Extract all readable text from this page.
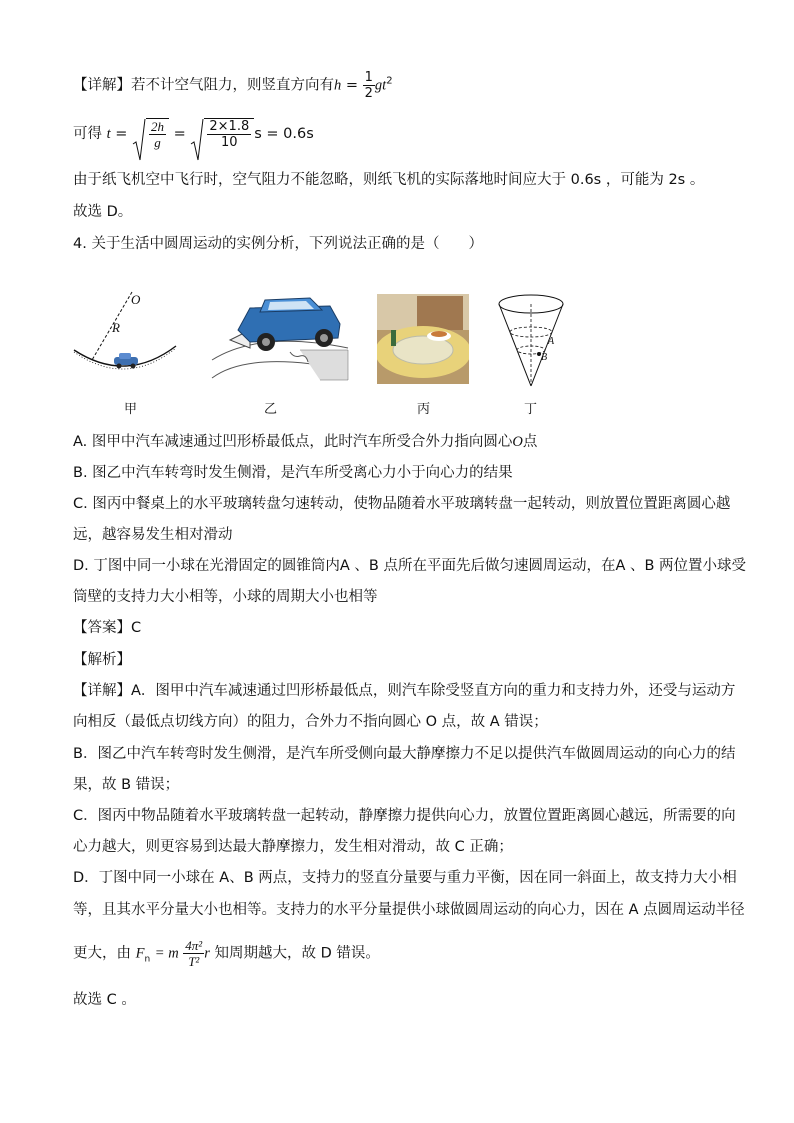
【详解】若不计空气阻力，则竖直方向有$h = \frac{1}{2} gt^2$
可得 $t = \frac{2h}{g} = \frac{2\times 1.8}{10}$ s = 0.6s
由于纸飞机空中飞行时，空气阻力不能忽略，则纸飞机的实际落地时间应大于 0.6s ，可能为 2s 。
故选 D。
4. 关于生活中圆周运动的实例分析，下列说法正确的是（　　）
O
R
甲	乙	丙
A
B
丁
A. 图甲中汽车减速通过凹形桥最低点，此时汽车所受合外力指向圆心O点
B. 图乙中汽车转弯时发生侧滑，是汽车所受离心力小于向心力的结果
C. 图丙中餐桌上的水平玻璃转盘匀速转动，使物品随着水平玻璃转盘一起转动，则放置位置距离圆心越
远，越容易发生相对滑动
D. 丁图中同一小球在光滑固定的圆锥筒内A 、B 点所在平面先后做匀速圆周运动，在A 、B 两位置小球受
筒壁的支持力大小相等，小球的周期大小也相等
【答案】C
【解析】
【详解】A．图甲中汽车减速通过凹形桥最低点，则汽车除受竖直方向的重力和支持力外，还受与运动方
向相反（最低点切线方向）的阻力，合外力不指向圆心 O 点，故 A 错误；
B．图乙中汽车转弯时发生侧滑，是汽车所受侧向最大静摩擦力不足以提供汽车做圆周运动的向心力的结
果，故 B 错误；
C．图丙中物品随着水平玻璃转盘一起转动，静摩擦力提供向心力，放置位置距离圆心越远，所需要的向
心力越大，则更容易到达最大静摩擦力，发生相对滑动，故 C 正确；
D．丁图中同一小球在 A、B 两点，支持力的竖直分量要与重力平衡，因在同一斜面上，故支持力大小相
等，且其水平分量大小也相等。支持力的水平分量提供小球做圆周运动的向心力，因在 A 点圆周运动半径
更大，由 $F_n = m \frac{\text{4π²}}{\text{T²}}$ r 知周期越大，故 D 错误。
故选 C 。
